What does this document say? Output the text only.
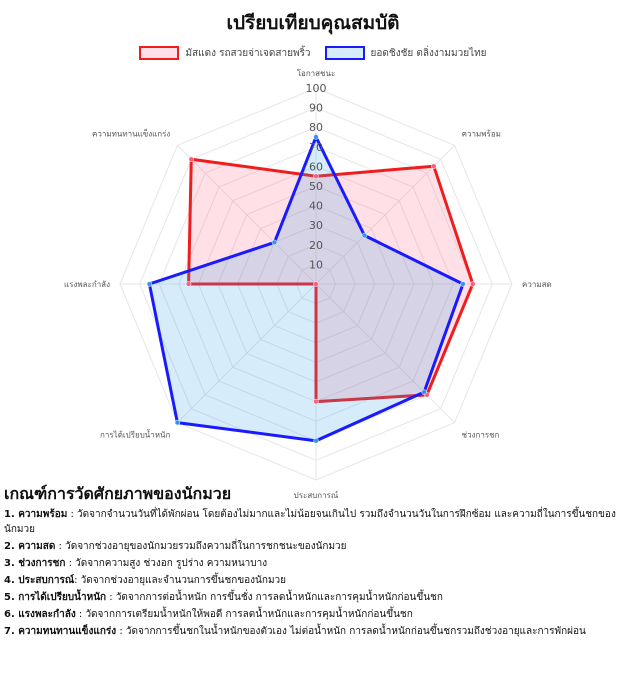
เปรียบเทียบคุณสมบัติ
มัสแดง รถสวยจ่าเจดสายพริ้ว	ยอดชิงชัย ตลิ่งงามมวยไทย
10
20
30
40
50
60
70
80
90
100
โอกาสชนะ
ความพร้อม
ความสด
ช่วงการชก
ประสบการณ์
การได้เปรียบน้ำหนัก
แรงพละกำลัง
ความทนทานแข็งแกร่ง
เกณฑ์การวัดศักยภาพของนักมวย
1. ความพร้อม : วัดจากจำนวนวันที่ได้พักผ่อน โดยต้องไม่มากและไม่น้อยจนเกินไป รวมถึงจำนวนวันในการฝึกซ้อม และความถี่ในการขึ้นชกของนักมวย
2. ความสด : วัดจากช่วงอายุของนักมวยรวมถึงความถี่ในการชกชนะของนักมวย
3. ช่วงการชก : วัดจากความสูง ช่วงอก รูปร่าง ความหนาบาง
4. ประสบการณ์: วัดจากช่วงอายุและจำนวนการขึ้นชกของนักมวย
5. การได้เปรียบน้ำหนัก : วัดจากการต่อน้ำหนัก การขึ้นชั่ง การลดน้ำหนักและการคุมน้ำหนักก่อนขึ้นชก
6. แรงพละกำลัง : วัดจากการเตรียมน้ำหนักให้พอดี การลดน้ำหนักและการคุมน้ำหนักก่อนขึ้นชก
7. ความทนทานแข็งแกร่ง : วัดจากการขึ้นชกในน้ำหนักของตัวเอง ไม่ต่อน้ำหนัก การลดน้ำหนักก่อนขึ้นชกรวมถึงช่วงอายุและการพักผ่อน
